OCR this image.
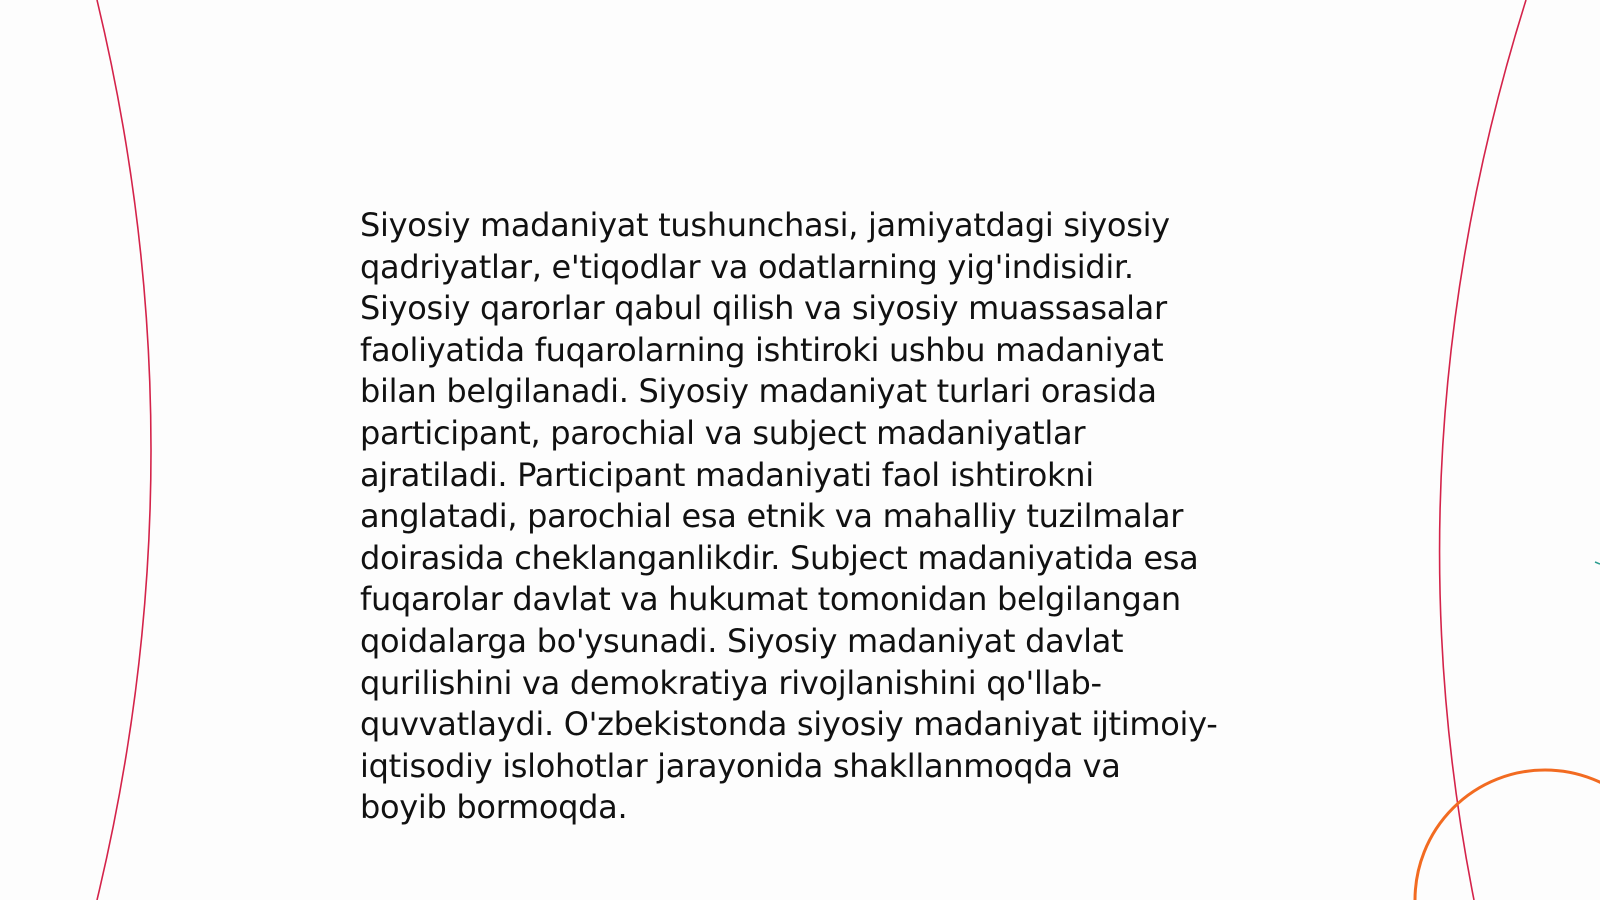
Siyosiy madaniyat tushunchasi, jamiyatdagi siyosiy
qadriyatlar, e'tiqodlar va odatlarning yig'indisidir.
Siyosiy qarorlar qabul qilish va siyosiy muassasalar
faoliyatida fuqarolarning ishtiroki ushbu madaniyat
bilan belgilanadi. Siyosiy madaniyat turlari orasida
participant, parochial va subject madaniyatlar
ajratiladi. Participant madaniyati faol ishtirokni
anglatadi, parochial esa etnik va mahalliy tuzilmalar
doirasida cheklanganlikdir. Subject madaniyatida esa
fuqarolar davlat va hukumat tomonidan belgilangan
qoidalarga bo'ysunadi. Siyosiy madaniyat davlat
qurilishini va demokratiya rivojlanishini qo'llab-
quvvatlaydi. O'zbekistonda siyosiy madaniyat ijtimoiy-
iqtisodiy islohotlar jarayonida shakllanmoqda va
boyib bormoqda.
